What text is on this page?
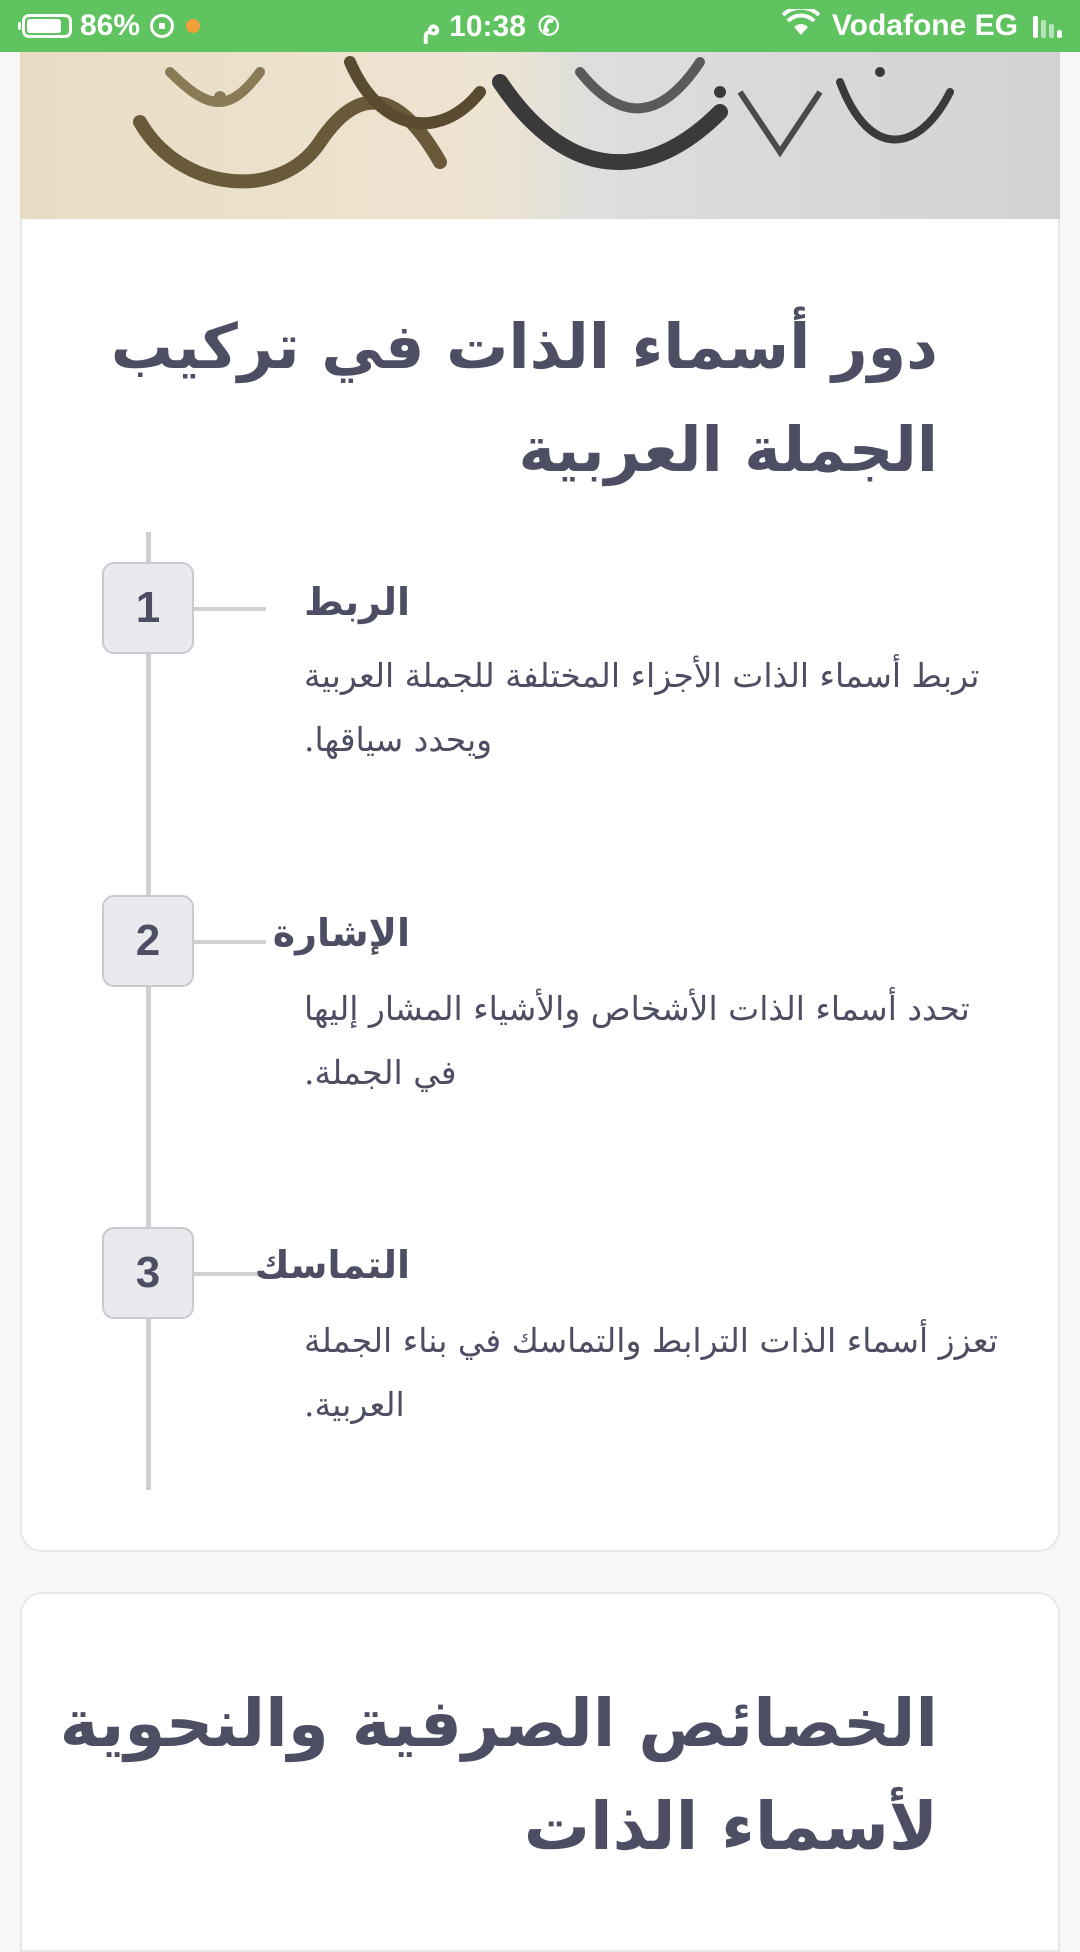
86%	10:38 م ✆	Vodafone EG
دور أسماء الذات في تركيب الجملة العربية
1	الربط
تربط أسماء الذات الأجزاء المختلفة للجملة العربية ويحدد سياقها.
2	الإشارة
تحدد أسماء الذات الأشخاص والأشياء المشار إليها في الجملة.
3	التماسك
تعزز أسماء الذات الترابط والتماسك في بناء الجملة العربية.
الخصائص الصرفية والنحوية لأسماء الذات
